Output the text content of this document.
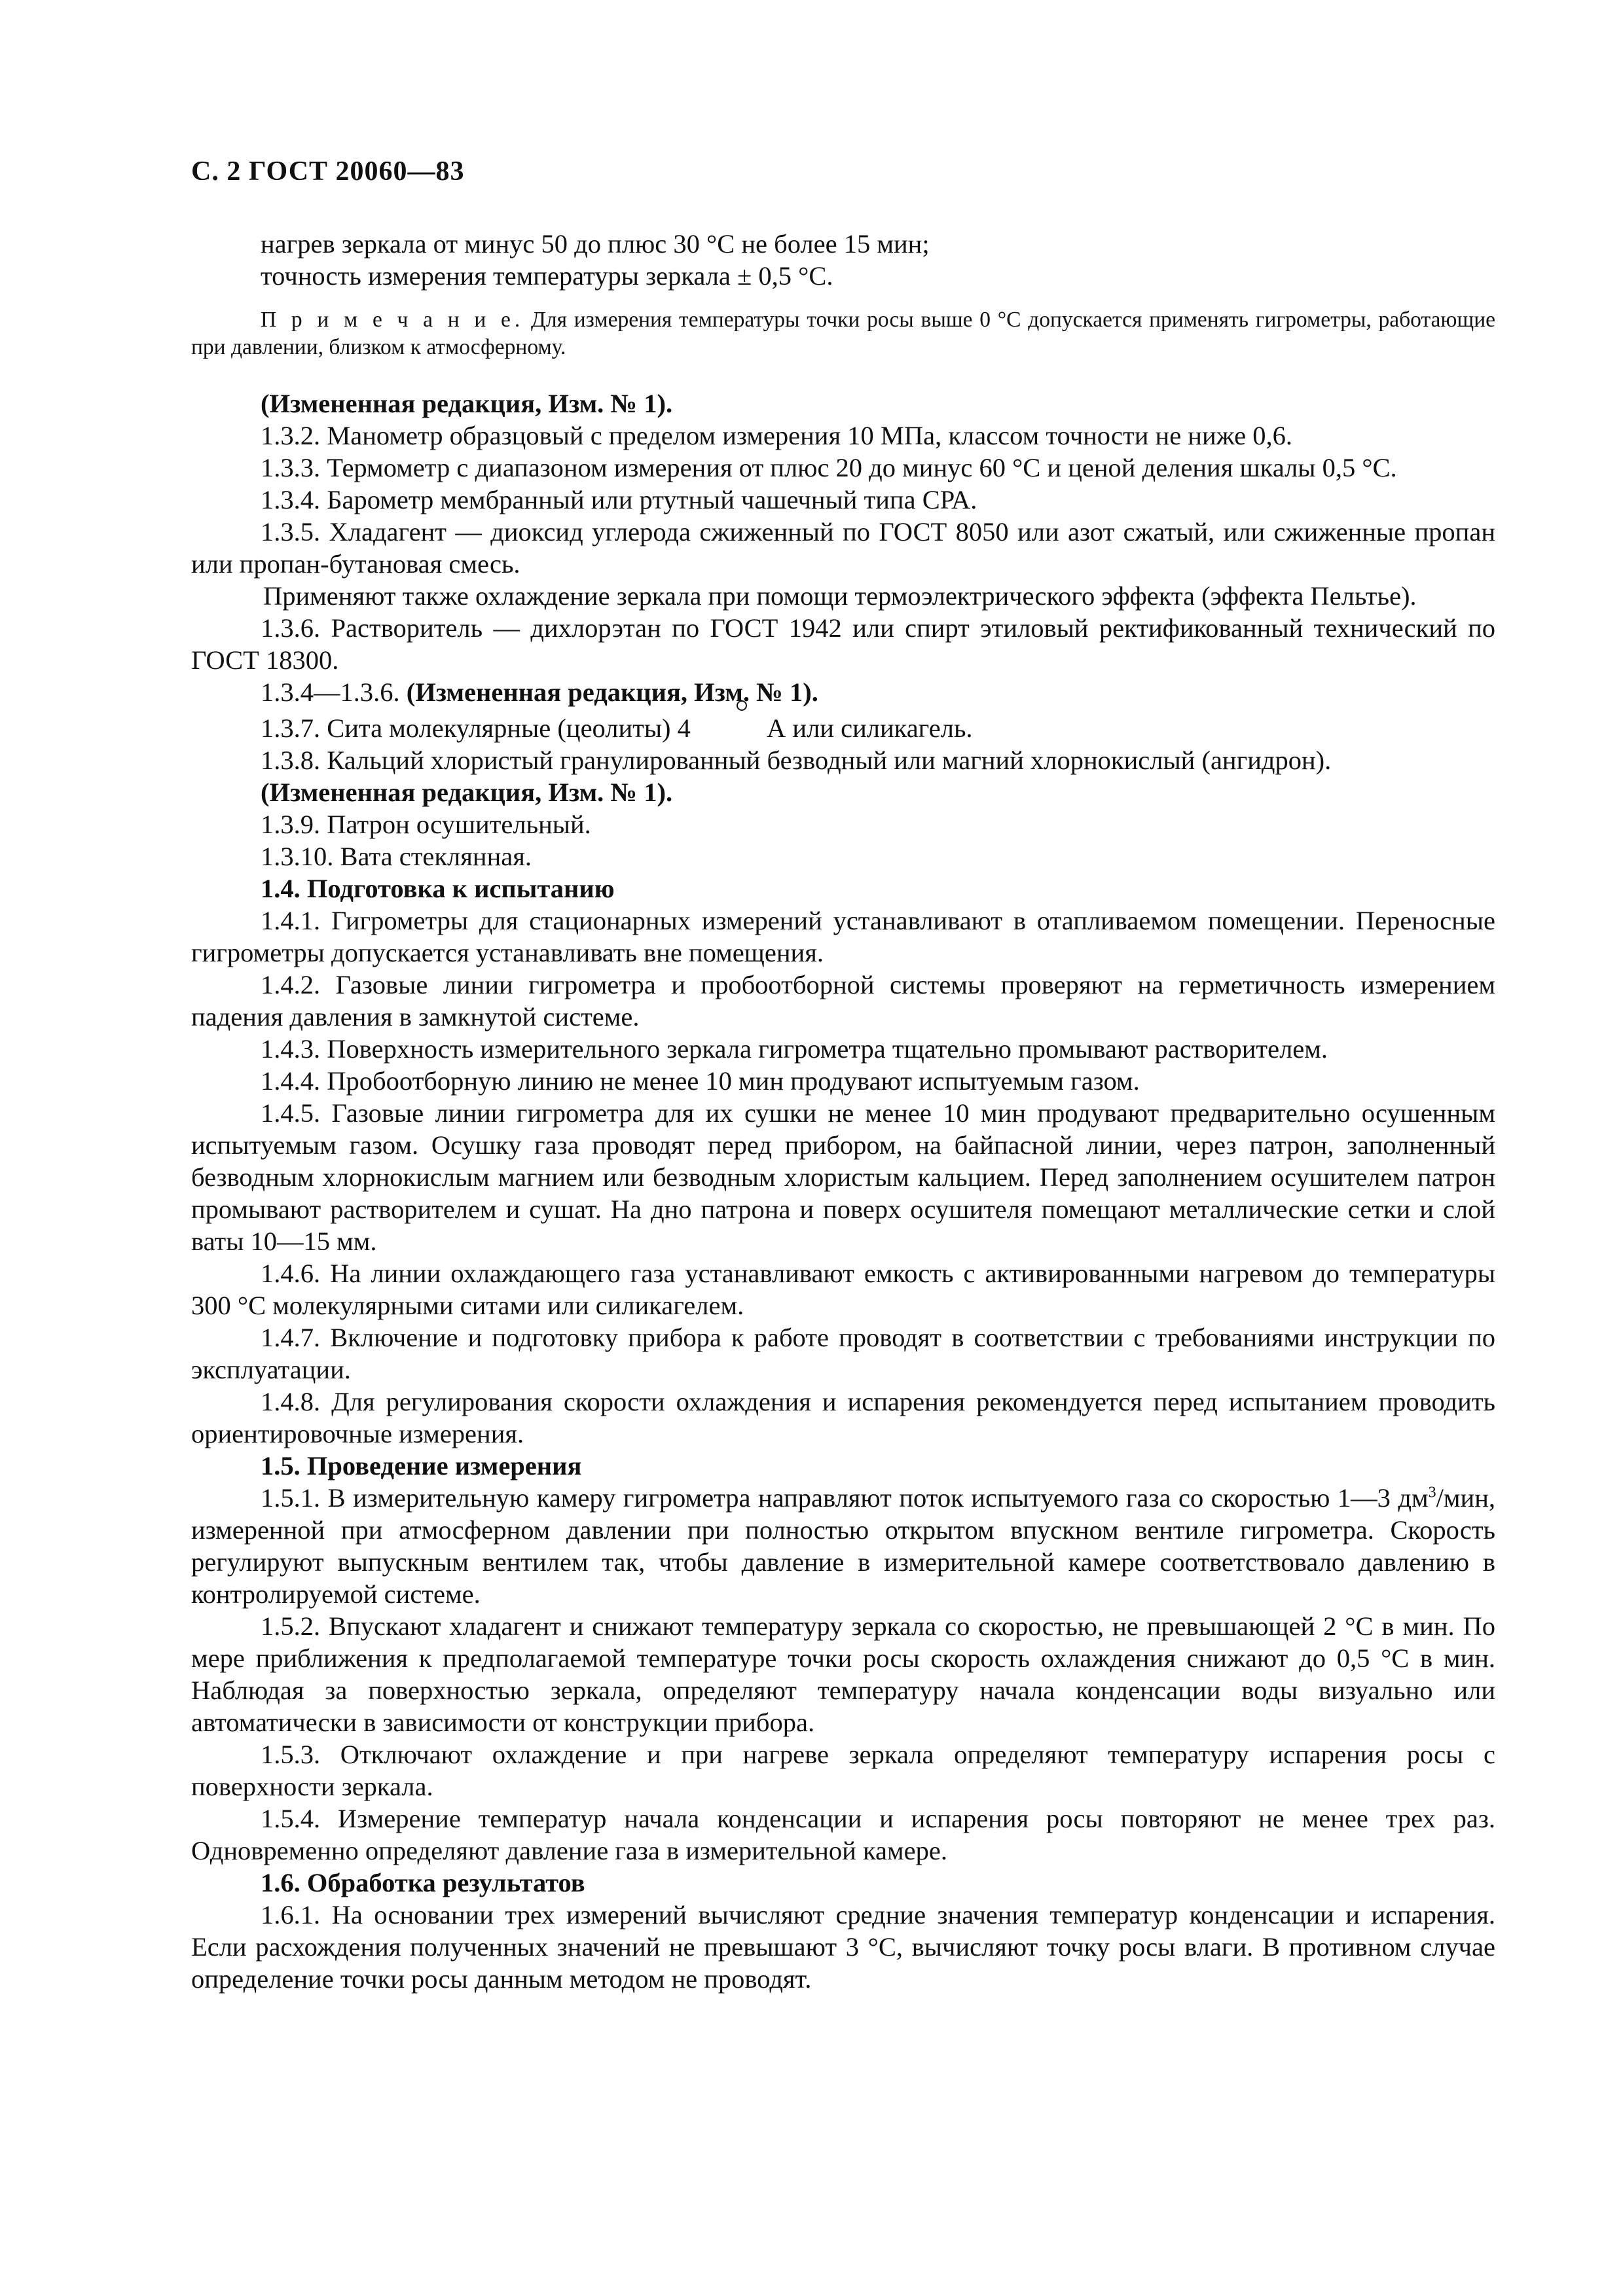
С. 2 ГОСТ 20060—83

нагрев зеркала от минус 50 до плюс 30 °С не более 15 мин;

точность измерения температуры зеркала ± 0,5 °С.

П р и м е ч а н и е. Для измерения температуры точки росы выше 0 °С допускается применять гигрометры, работающие при давлении, близком к атмосферному.

(Измененная редакция, Изм. № 1).

1.3.2. Манометр образцовый с пределом измерения 10 МПа, классом точности не ниже 0,6.

1.3.3. Термометр с диапазоном измерения от плюс 20 до минус 60 °С и ценой деления шкалы 0,5 °С.

1.3.4. Барометр мембранный или ртутный чашечный типа СРА.

1.3.5. Хладагент — диоксид углерода сжиженный по ГОСТ 8050 или азот сжатый, или сжиженные пропан или пропан-бутановая смесь.

Применяют также охлаждение зеркала при помощи термоэлектрического эффекта (эффекта Пельтье).

1.3.6. Растворитель — дихлорэтан по ГОСТ 1942 или спирт этиловый ректификованный технический по ГОСТ 18300.

1.3.4—1.3.6. (Измененная редакция, Изм. № 1).

1.3.7. Сита молекулярные (цеолиты) 4	А или силикагель.

1.3.8. Кальций хлористый гранулированный безводный или магний хлорнокислый (ангидрон).

(Измененная редакция, Изм. № 1).

1.3.9. Патрон осушительный.

1.3.10. Вата стеклянная.

1.4. Подготовка к испытанию

1.4.1. Гигрометры для стационарных измерений устанавливают в отапливаемом помещении. Переносные гигрометры допускается устанавливать вне помещения.

1.4.2. Газовые линии гигрометра и пробоотборной системы проверяют на герметичность измерением падения давления в замкнутой системе.

1.4.3. Поверхность измерительного зеркала гигрометра тщательно промывают растворителем.

1.4.4. Пробоотборную линию не менее 10 мин продувают испытуемым газом.

1.4.5. Газовые линии гигрометра для их сушки не менее 10 мин продувают предварительно осушенным испытуемым газом. Осушку газа проводят перед прибором, на байпасной линии, через патрон, заполненный безводным хлорнокислым магнием или безводным хлористым кальцием. Перед заполнением осушителем патрон промывают растворителем и сушат. На дно патрона и поверх осушителя помещают металлические сетки и слой ваты 10—15 мм.

1.4.6. На линии охлаждающего газа устанавливают емкость с активированными нагревом до температуры 300 °С молекулярными ситами или силикагелем.

1.4.7. Включение и подготовку прибора к работе проводят в соответствии с требованиями инструкции по эксплуатации.

1.4.8. Для регулирования скорости охлаждения и испарения рекомендуется перед испытанием проводить ориентировочные измерения.

1.5. Проведение измерения

1.5.1. В измерительную камеру гигрометра направляют поток испытуемого газа со скоростью 1—3 $дм^3$/мин, измеренной при атмосферном давлении при полностью открытом впускном вентиле гигрометра. Скорость регулируют выпускным вентилем так, чтобы давление в измерительной камере соответствовало давлению в контролируемой системе.

1.5.2. Впускают хладагент и снижают температуру зеркала со скоростью, не превышающей 2 °С в мин. По мере приближения к предполагаемой температуре точки росы скорость охлаждения снижают до 0,5 °С в мин. Наблюдая за поверхностью зеркала, определяют температуру начала конденсации воды визуально или автоматически в зависимости от конструкции прибора.

1.5.3. Отключают охлаждение и при нагреве зеркала определяют температуру испарения росы с поверхности зеркала.

1.5.4. Измерение температур начала конденсации и испарения росы повторяют не менее трех раз. Одновременно определяют давление газа в измерительной камере.

1.6. Обработка результатов

1.6.1. На основании трех измерений вычисляют средние значения температур конденсации и испарения. Если расхождения полученных значений не превышают 3 °С, вычисляют точку росы влаги. В противном случае определение точки росы данным методом не проводят.
